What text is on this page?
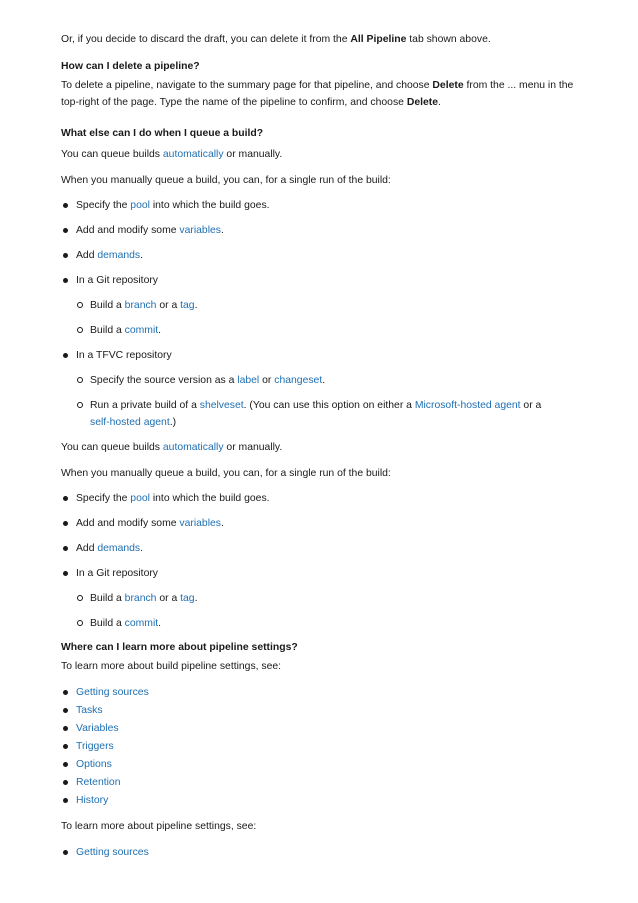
Or, if you decide to discard the draft, you can delete it from the All Pipeline tab shown above.
How can I delete a pipeline?
To delete a pipeline, navigate to the summary page for that pipeline, and choose Delete from the ... menu in the
top-right of the page. Type the name of the pipeline to confirm, and choose Delete.
What else can I do when I queue a build?
You can queue builds automatically or manually.
When you manually queue a build, you can, for a single run of the build:
Specify the pool into which the build goes.
Add and modify some variables.
Add demands.
In a Git repository
Build a branch or a tag.
Build a commit.
In a TFVC repository
Specify the source version as a label or changeset.
Run a private build of a shelveset. (You can use this option on either a Microsoft-hosted agent or a
self-hosted agent.)
You can queue builds automatically or manually.
When you manually queue a build, you can, for a single run of the build:
Specify the pool into which the build goes.
Add and modify some variables.
Add demands.
In a Git repository
Build a branch or a tag.
Build a commit.
Where can I learn more about pipeline settings?
To learn more about build pipeline settings, see:
Getting sources
Tasks
Variables
Triggers
Options
Retention
History
To learn more about pipeline settings, see:
Getting sources
